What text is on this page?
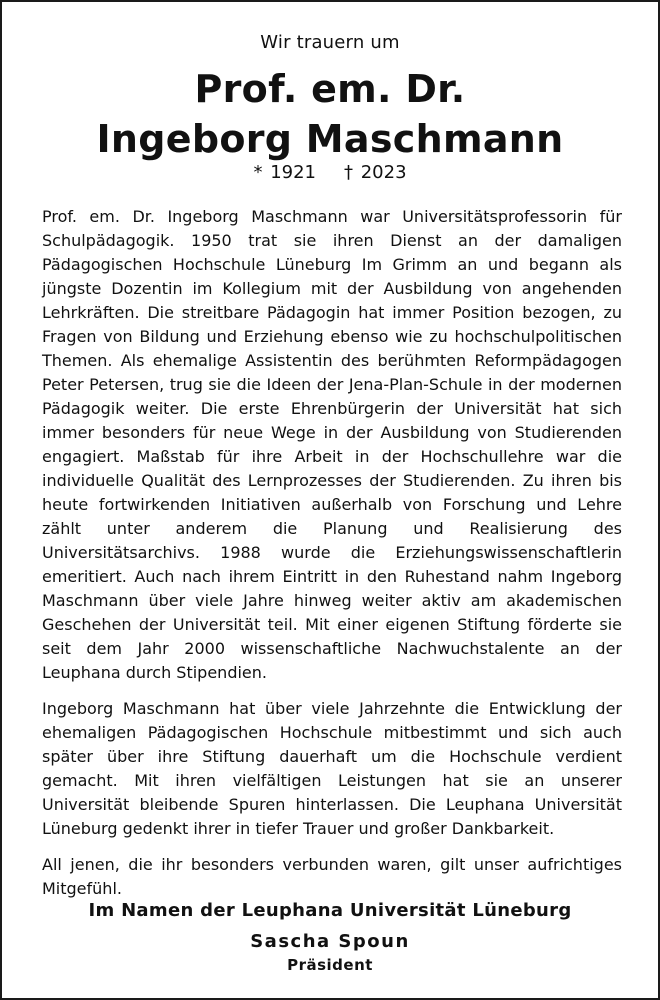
Wir trauern um
Prof. em. Dr.
Ingeborg Maschmann
* 1921 † 2023

Prof. em. Dr. Ingeborg Maschmann war Universitätsprofessorin für Schulpädagogik. 1950 trat sie ihren Dienst an der damaligen Pädagogischen Hochschule Lüneburg Im Grimm an und begann als jüngste Dozentin im Kollegium mit der Ausbildung von angehenden Lehrkräften. Die streitbare Pädagogin hat immer Position bezogen, zu Fragen von Bildung und Erziehung ebenso wie zu hochschulpolitischen Themen. Als ehemalige Assistentin des berühmten Reformpädagogen Peter Petersen, trug sie die Ideen der Jena-Plan-Schule in der modernen Pädagogik weiter. Die erste Ehrenbürgerin der Universität hat sich immer besonders für neue Wege in der Ausbildung von Studierenden engagiert. Maßstab für ihre Arbeit in der Hochschullehre war die individuelle Qualität des Lernprozesses der Studierenden. Zu ihren bis heute fortwirkenden Initiativen außerhalb von Forschung und Lehre zählt unter anderem die Planung und Realisierung des Universitätsarchivs. 1988 wurde die Erziehungswissenschaftlerin emeritiert. Auch nach ihrem Eintritt in den Ruhestand nahm Ingeborg Maschmann über viele Jahre hinweg weiter aktiv am akademischen Geschehen der Universität teil. Mit einer eigenen Stiftung förderte sie seit dem Jahr 2000 wissenschaftliche Nachwuchstalente an der Leuphana durch Stipendien.

Ingeborg Maschmann hat über viele Jahrzehnte die Entwicklung der ehemaligen Pädagogischen Hochschule mitbestimmt und sich auch später über ihre Stiftung dauerhaft um die Hochschule verdient gemacht. Mit ihren vielfältigen Leistungen hat sie an unserer Universität bleibende Spuren hinterlassen. Die Leuphana Universität Lüneburg gedenkt ihrer in tiefer Trauer und großer Dankbarkeit.

All jenen, die ihr besonders verbunden waren, gilt unser aufrichtiges Mitgefühl.

Im Namen der Leuphana Universität Lüneburg
Sascha Spoun
Präsident
